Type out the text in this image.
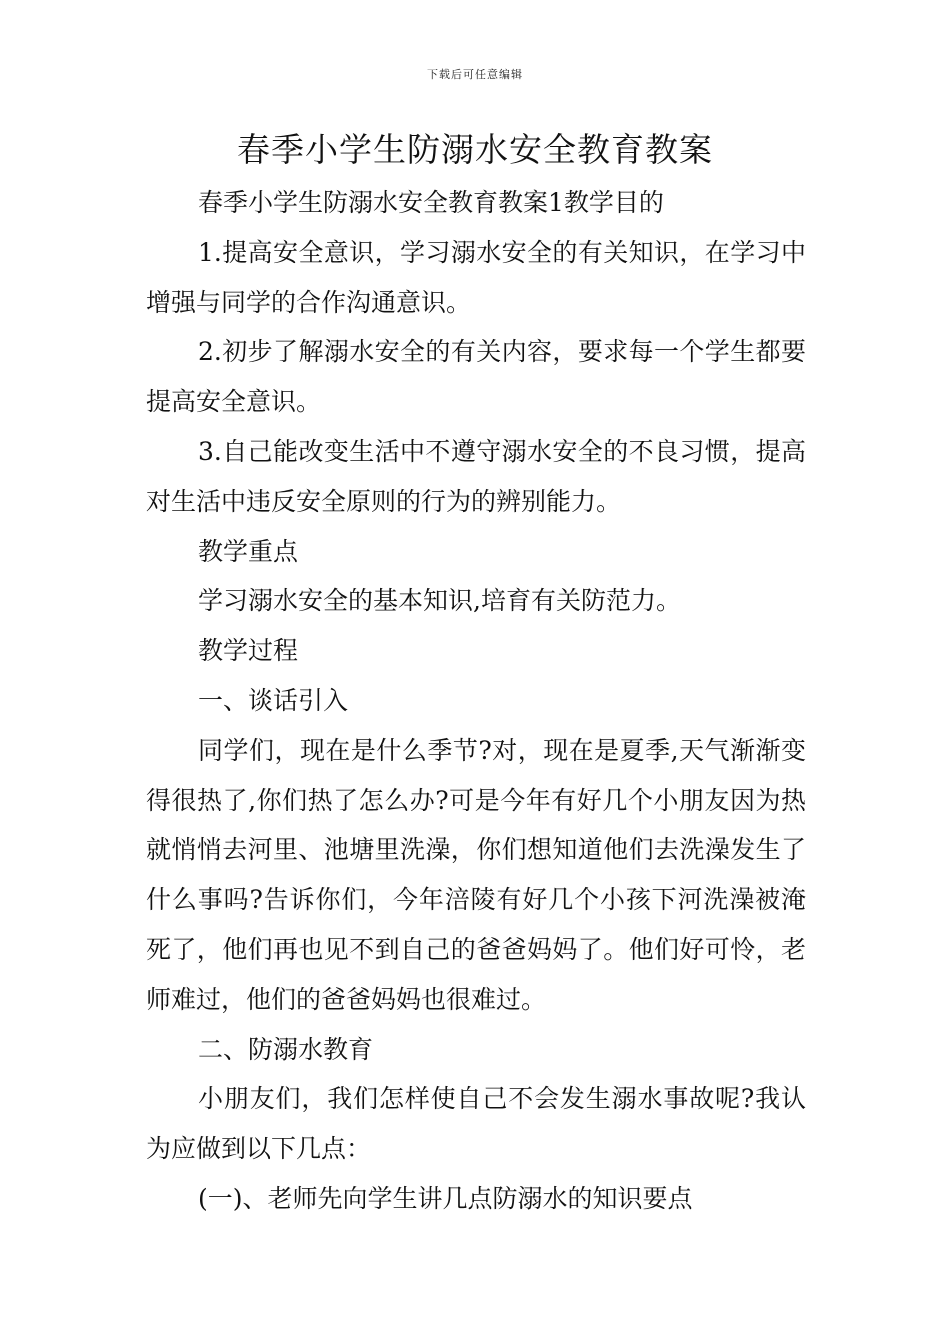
下载后可任意编辑
春季小学生防溺水安全教育教案

春季小学生防溺水安全教育教案1教学目的

1.提高安全意识，学习溺水安全的有关知识，在学习中增强与同学的合作沟通意识。

2.初步了解溺水安全的有关内容，要求每一个学生都要提高安全意识。

3.自己能改变生活中不遵守溺水安全的不良习惯，提高对生活中违反安全原则的行为的辨别能力。

教学重点

学习溺水安全的基本知识,培育有关防范力。

教学过程

一、谈话引入

同学们，现在是什么季节?对，现在是夏季,天气渐渐变得很热了,你们热了怎么办?可是今年有好几个小朋友因为热就悄悄去河里、池塘里洗澡，你们想知道他们去洗澡发生了什么事吗?告诉你们，今年涪陵有好几个小孩下河洗澡被淹死了，他们再也见不到自己的爸爸妈妈了。他们好可怜，老师难过，他们的爸爸妈妈也很难过。

二、防溺水教育

小朋友们，我们怎样使自己不会发生溺水事故呢?我认为应做到以下几点：

(一)、老师先向学生讲几点防溺水的知识要点
